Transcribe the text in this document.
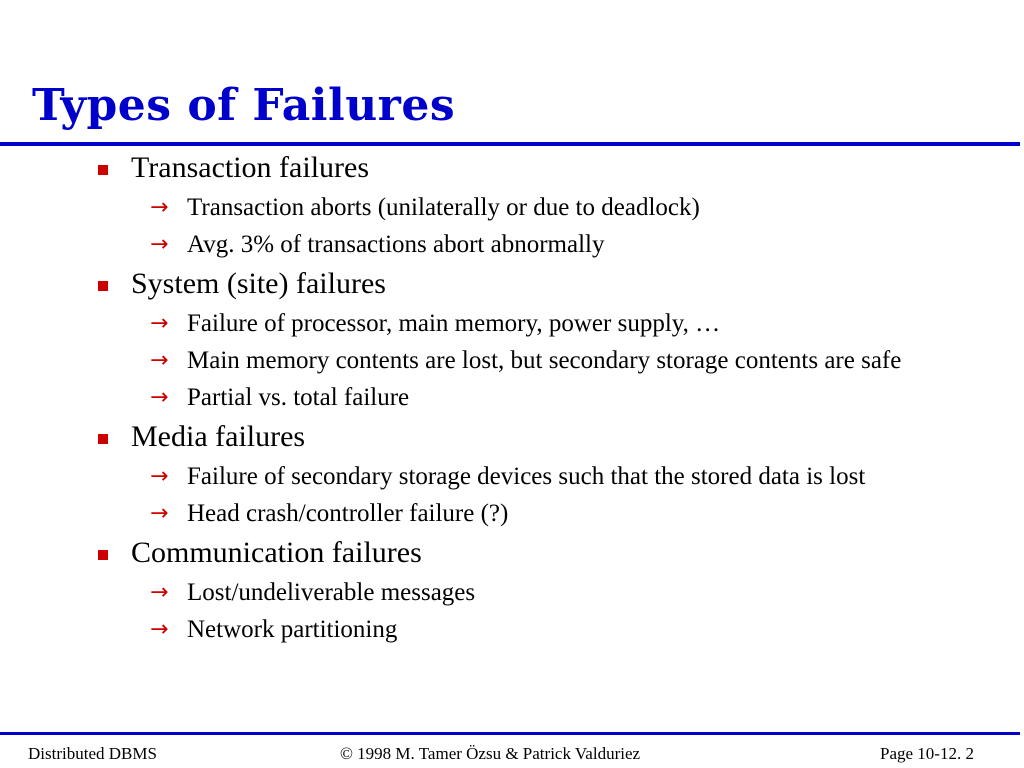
Types of Failures
Transaction failures
→ Transaction aborts (unilaterally or due to deadlock)
→ Avg. 3% of transactions abort abnormally
System (site) failures
→ Failure of processor, main memory, power supply, …
→ Main memory contents are lost, but secondary storage contents are safe
→ Partial vs. total failure
Media failures
→ Failure of secondary storage devices such that the stored data is lost
→ Head crash/controller failure (?)
Communication failures
→ Lost/undeliverable messages
→ Network partitioning
Distributed DBMS	© 1998 M. Tamer Özsu & Patrick Valduriez	Page 10-12. 2
